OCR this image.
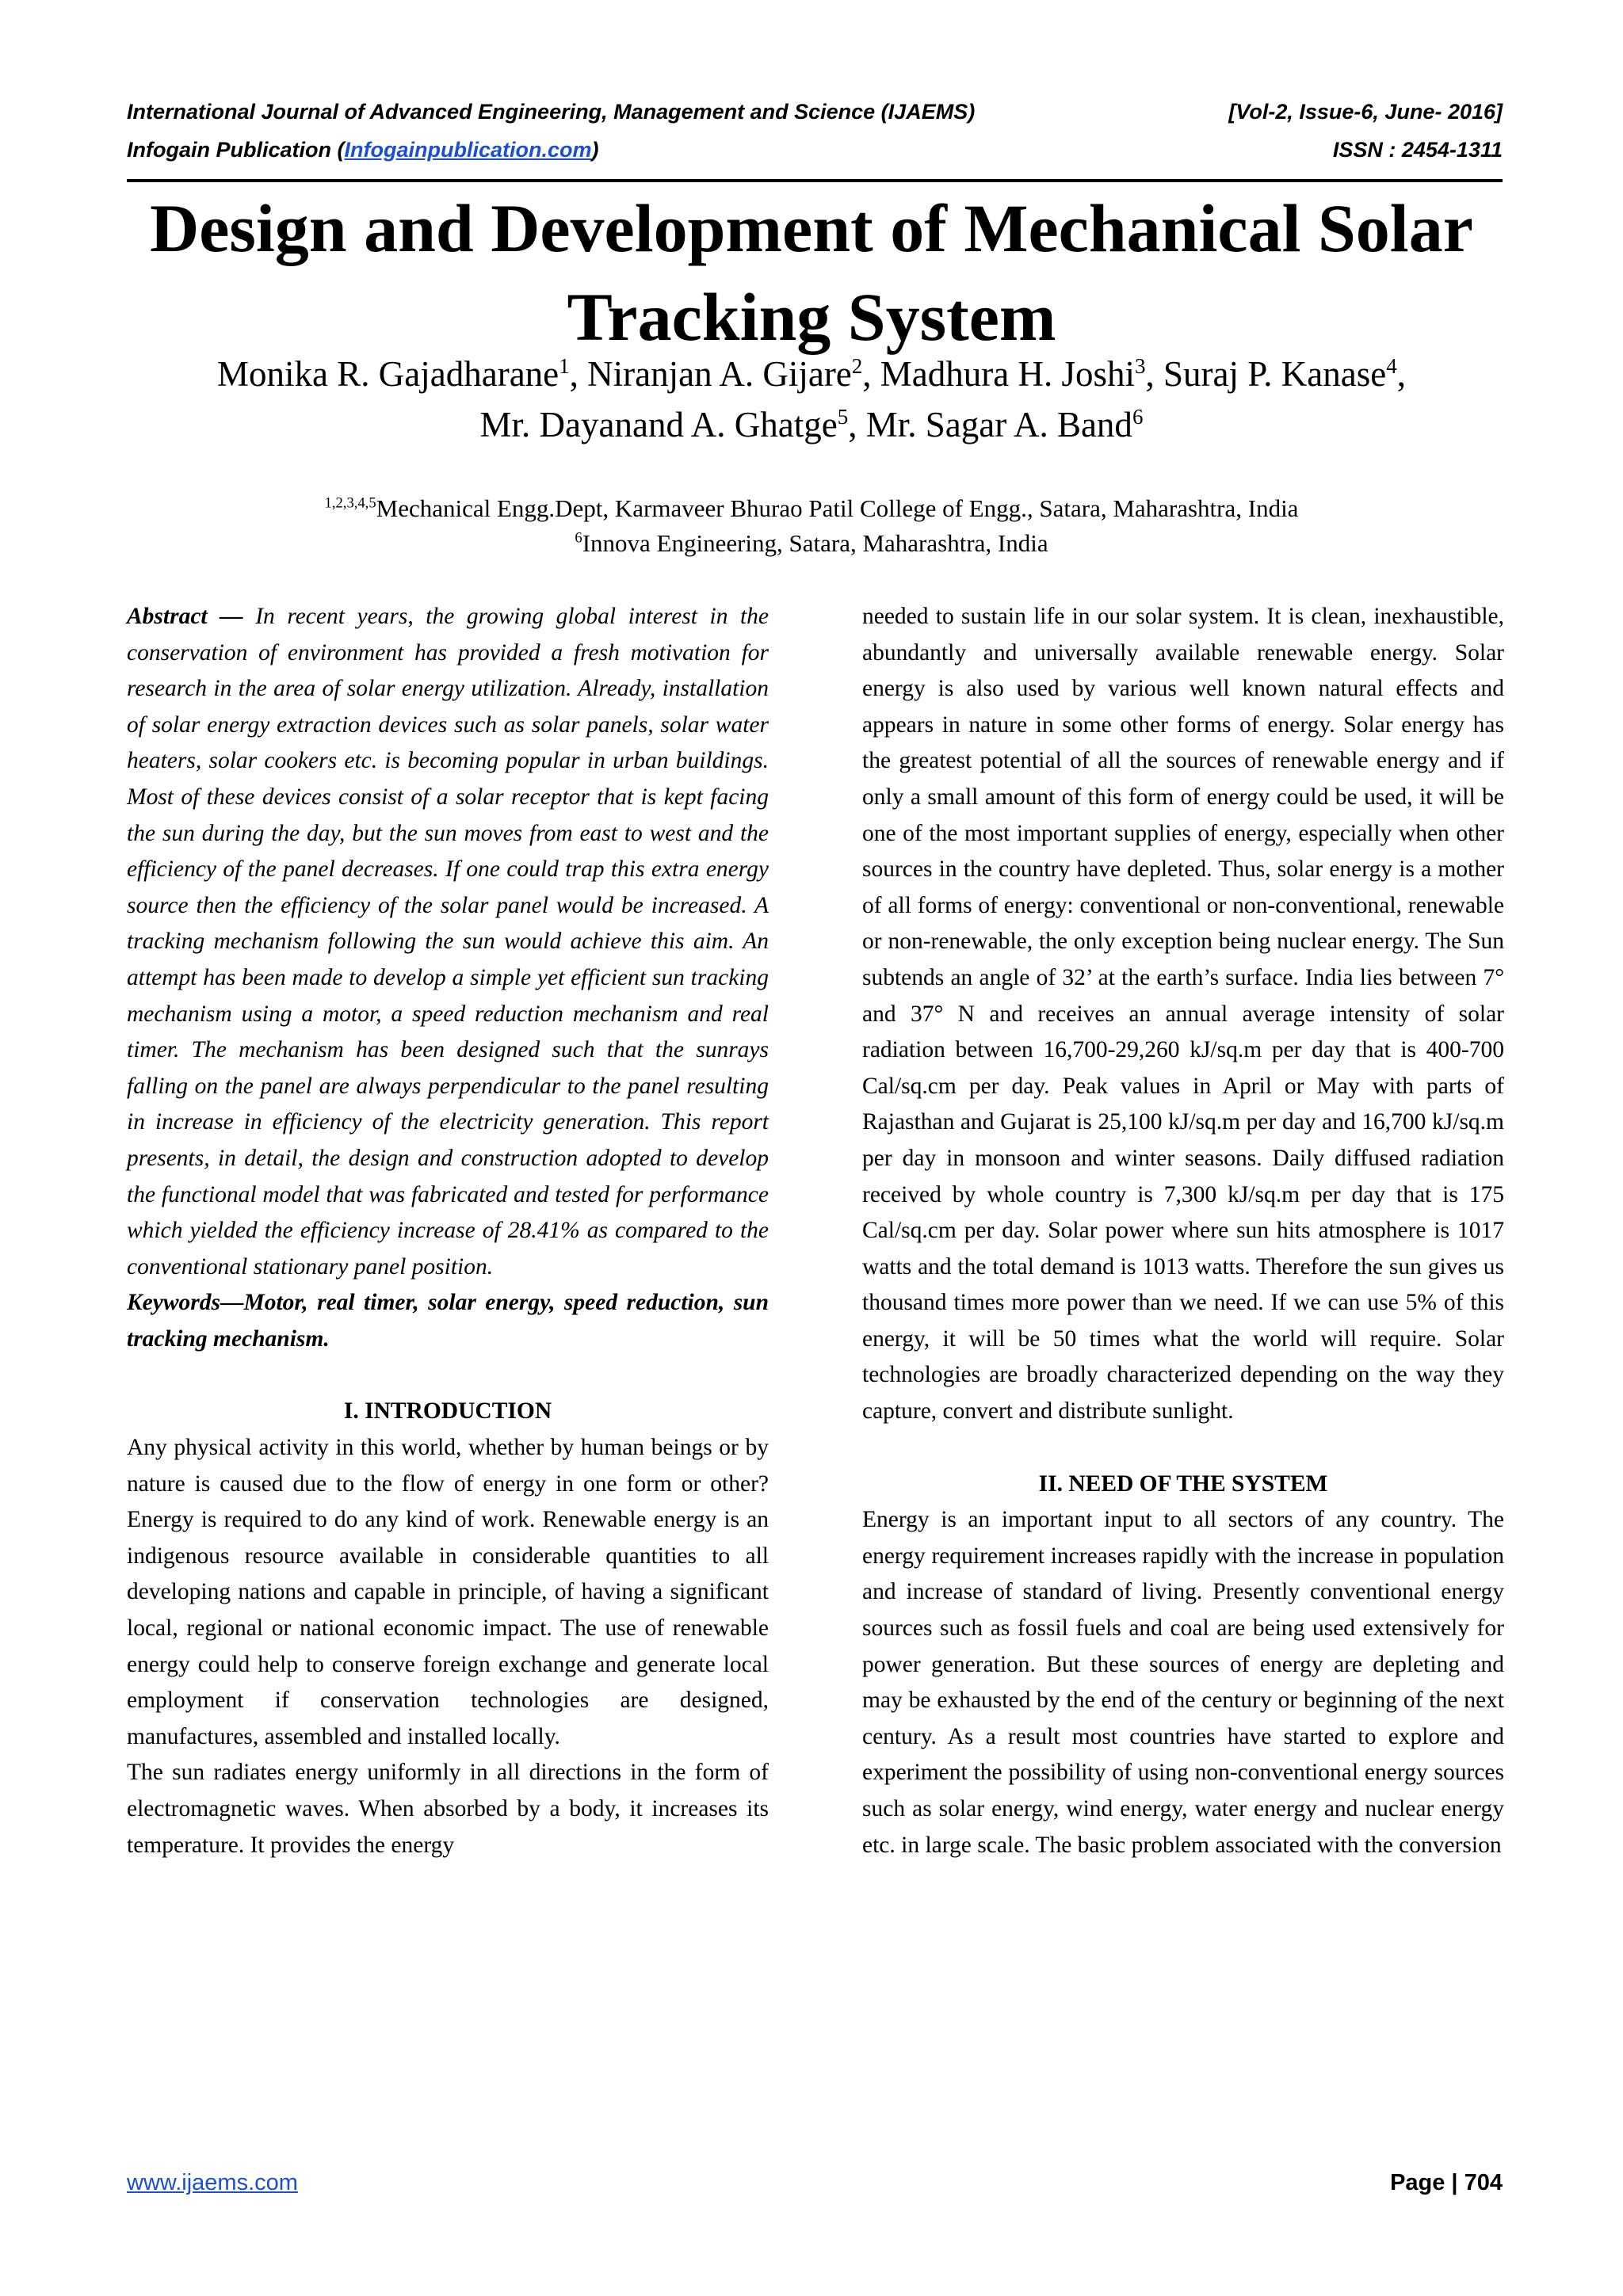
International Journal of Advanced Engineering, Management and Science (IJAEMS)	[Vol-2, Issue-6, June- 2016]
Infogain Publication (Infogainpublication.com)	ISSN : 2454-1311
Design and Development of Mechanical Solar
Tracking System
Monika R. Gajadharane$^1$, Niranjan A. Gijare$^2$, Madhura H. Joshi$^3$, Suraj P. Kanase$^4$,
Mr. Dayanand A. Ghatge$^5$, Mr. Sagar A. Band$^6$
$^{1,2,3,4,5}$Mechanical Engg.Dept, Karmaveer Bhurao Patil College of Engg., Satara, Maharashtra, India
$^6$Innova Engineering, Satara, Maharashtra, India

Abstract — In recent years, the growing global interest in the conservation of environment has provided a fresh motivation for research in the area of solar energy utilization. Already, installation of solar energy extraction devices such as solar panels, solar water heaters, solar cookers etc. is becoming popular in urban buildings. Most of these devices consist of a solar receptor that is kept facing the sun during the day, but the sun moves from east to west and the efficiency of the panel decreases. If one could trap this extra energy source then the efficiency of the solar panel would be increased. A tracking mechanism following the sun would achieve this aim. An attempt has been made to develop a simple yet efficient sun tracking mechanism using a motor, a speed reduction mechanism and real timer. The mechanism has been designed such that the sunrays falling on the panel are always perpendicular to the panel resulting in increase in efficiency of the electricity generation. This report presents, in detail, the design and construction adopted to develop the functional model that was fabricated and tested for performance which yielded the efficiency increase of 28.41% as compared to the conventional stationary panel position.

Keywords—Motor, real timer, solar energy, speed reduction, sun tracking mechanism.

I. INTRODUCTION

Any physical activity in this world, whether by human beings or by nature is caused due to the flow of energy in one form or other? Energy is required to do any kind of work. Renewable energy is an indigenous resource available in considerable quantities to all developing nations and capable in principle, of having a significant local, regional or national economic impact. The use of renewable energy could help to conserve foreign exchange and generate local employment if conservation technologies are designed, manufactures, assembled and installed locally.

The sun radiates energy uniformly in all directions in the form of electromagnetic waves. When absorbed by a body, it increases its temperature. It provides the energy

needed to sustain life in our solar system. It is clean, inexhaustible, abundantly and universally available renewable energy. Solar energy is also used by various well known natural effects and appears in nature in some other forms of energy. Solar energy has the greatest potential of all the sources of renewable energy and if only a small amount of this form of energy could be used, it will be one of the most important supplies of energy, especially when other sources in the country have depleted. Thus, solar energy is a mother of all forms of energy: conventional or non-conventional, renewable or non-renewable, the only exception being nuclear energy. The Sun subtends an angle of 32’ at the earth’s surface. India lies between 7° and 37° N and receives an annual average intensity of solar radiation between 16,700-29,260 kJ/sq.m per day that is 400-700 Cal/sq.cm per day. Peak values in April or May with parts of Rajasthan and Gujarat is 25,100 kJ/sq.m per day and 16,700 kJ/sq.m per day in monsoon and winter seasons. Daily diffused radiation received by whole country is 7,300 kJ/sq.m per day that is 175 Cal/sq.cm per day. Solar power where sun hits atmosphere is 1017 watts and the total demand is 1013 watts. Therefore the sun gives us thousand times more power than we need. If we can use 5% of this energy, it will be 50 times what the world will require. Solar technologies are broadly characterized depending on the way they capture, convert and distribute sunlight.

II. NEED OF THE SYSTEM

Energy is an important input to all sectors of any country. The energy requirement increases rapidly with the increase in population and increase of standard of living. Presently conventional energy sources such as fossil fuels and coal are being used extensively for power generation. But these sources of energy are depleting and may be exhausted by the end of the century or beginning of the next century. As a result most countries have started to explore and experiment the possibility of using non-conventional energy sources such as solar energy, wind energy, water energy and nuclear energy etc. in large scale. The basic problem associated with the conversion

www.ijaems.com	Page | 704
